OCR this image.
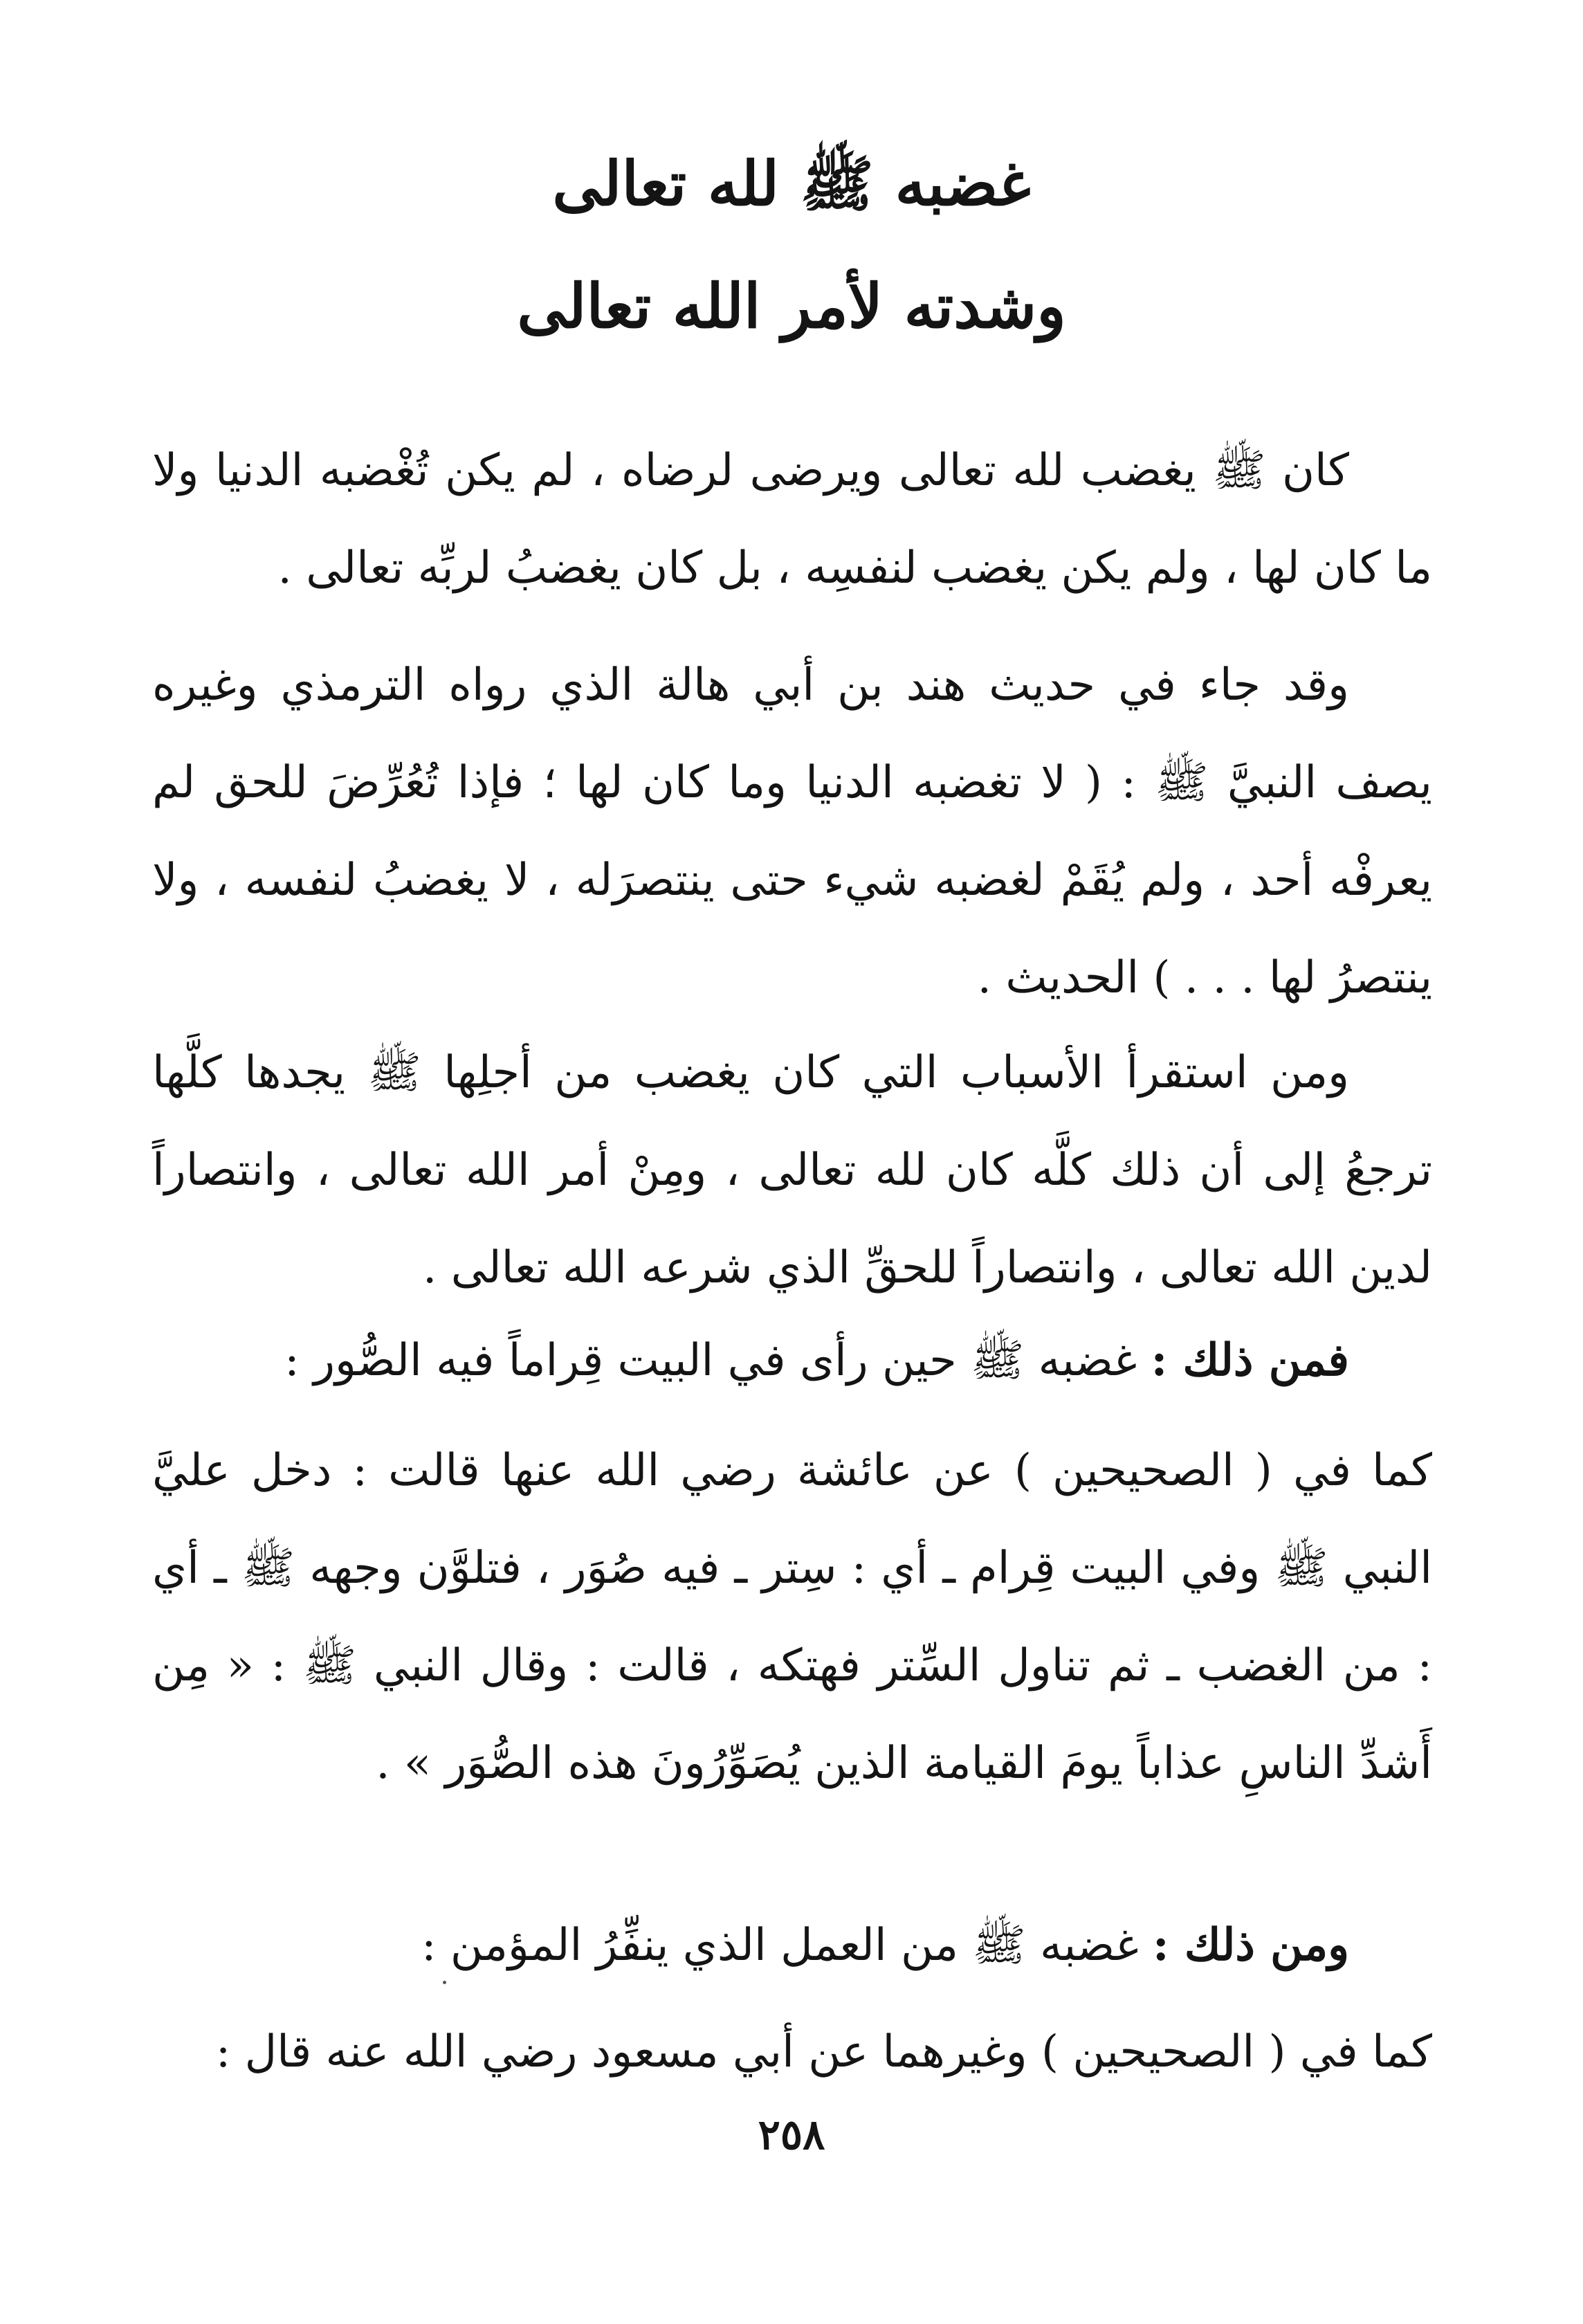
غضبه ﷺ لله تعالى
وشدته لأمر الله تعالى

كان ﷺ يغضب لله تعالى ويرضى لرضاه ، لم يكن تُغْضبه الدنيا ولا ما كان لها ، ولم يكن يغضب لنفسِه ، بل كان يغضبُ لربِّه تعالى .

وقد جاء في حديث هند بن أبي هالة الذي رواه الترمذي وغيره يصف النبيَّ ﷺ : ( لا تغضبه الدنيا وما كان لها ؛ فإذا تُعُرِّضَ للحق لم يعرفْه أحد ، ولم يُقَمْ لغضبه شيء حتى ينتصرَله ، لا يغضبُ لنفسه ، ولا ينتصرُ لها . . . ) الحديث .

ومن استقرأ الأسباب التي كان يغضب من أجلِها ﷺ يجدها كلَّها ترجعُ إلى أن ذلك كلَّه كان لله تعالى ، ومِنْ أمر الله تعالى ، وانتصاراً لدين الله تعالى ، وانتصاراً للحقِّ الذي شرعه الله تعالى .

فمن ذلك : غضبه ﷺ حين رأى في البيت قِراماً فيه الصُّور :

كما في ( الصحيحين ) عن عائشة رضي الله عنها قالت : دخل عليَّ النبي ﷺ وفي البيت قِرام ـ أي : سِتر ـ فيه صُوَر ، فتلوَّن وجهه ﷺ ـ أي : من الغضب ـ ثم تناول السِّتر فهتكه ، قالت : وقال النبي ﷺ : « مِن أَشدِّ الناسِ عذاباً يومَ القيامة الذين يُصَوِّرُونَ هذه الصُّوَر » .

ومن ذلك : غضبه ﷺ من العمل الذي ينفِّرُ المؤمن :

كما في ( الصحيحين ) وغيرهما عن أبي مسعود رضي الله عنه قال :

٢٥٨
